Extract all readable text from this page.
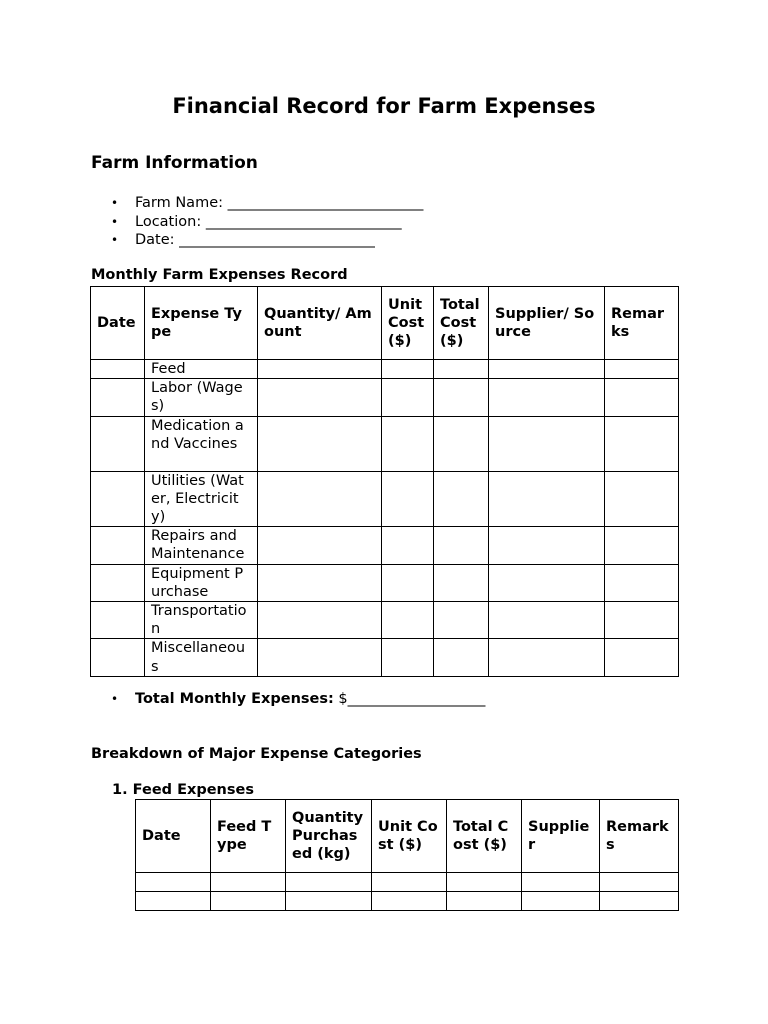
Financial Record for Farm Expenses
Farm Information
• Farm Name: ___________________________
• Location: ___________________________
• Date: ___________________________
Monthly Farm Expenses Record
Date	Expense Type	Quantity/ Amount	Unit Cost ($)	Total Cost ($)	Supplier/ Source	Remarks
	Feed					
	Labor (Wages)					
	Medication and Vaccines					
	Utilities (Water, Electricity)					
	Repairs and Maintenance					
	Equipment Purchase					
	Transportation					
	Miscellaneous					
• Total Monthly Expenses: $___________________
Breakdown of Major Expense Categories
1. Feed Expenses
Date	Feed Type	Quantity Purchased (kg)	Unit Cost ($)	Total Cost ($)	Supplier	Remarks
